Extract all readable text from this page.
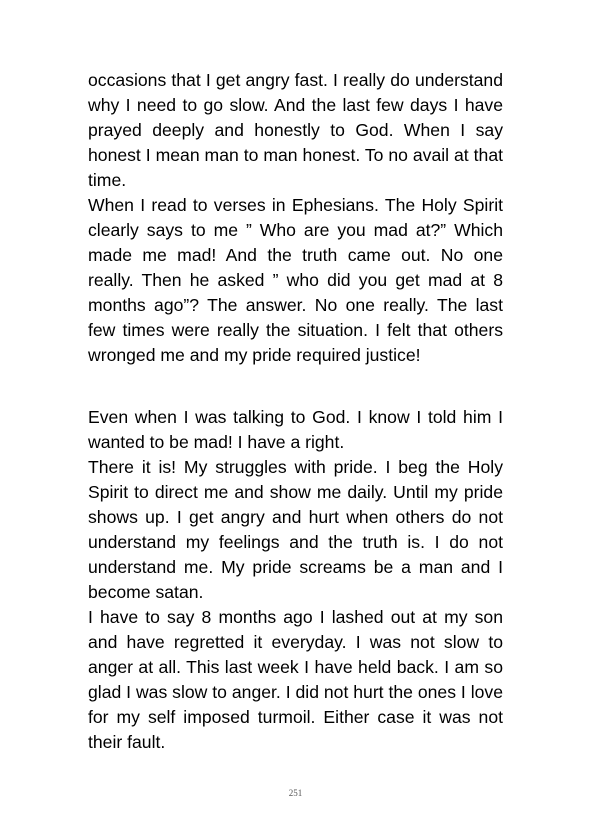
occasions that I get angry fast. I really do understand why I need to go slow. And the last few days I have prayed deeply and honestly to God. When I say honest I mean man to man honest. To no avail at that time.

When I read to verses in Ephesians. The Holy Spirit clearly says to me ” Who are you mad at?” Which made me mad! And the truth came out. No one really. Then he asked ” who did you get mad at 8 months ago”? The answer. No one really. The last few times were really the situation. I felt that others wronged me and my pride required justice!

Even when I was talking to God. I know I told him I wanted to be mad! I have a right.

There it is! My struggles with pride. I beg the Holy Spirit to direct me and show me daily. Until my pride shows up. I get angry and hurt when others do not understand my feelings and the truth is. I do not understand me. My pride screams be a man and I become satan.

I have to say 8 months ago I lashed out at my son and have regretted it everyday. I was not slow to anger at all. This last week I have held back. I am so glad I was slow to anger. I did not hurt the ones I love for my self imposed turmoil. Either case it was not their fault.

251
